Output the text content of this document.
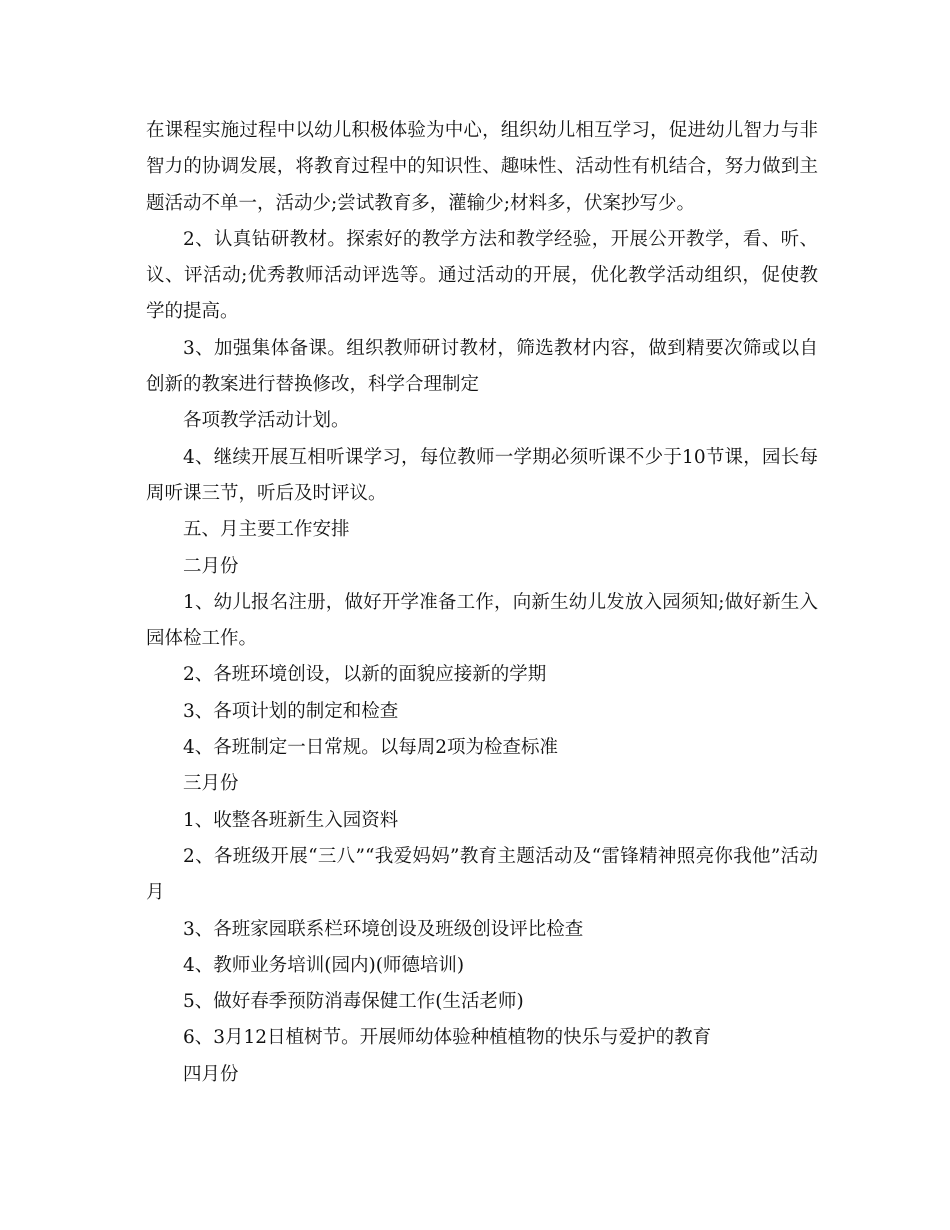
在课程实施过程中以幼儿积极体验为中心，组织幼儿相互学习，促进幼儿智力与非智力的协调发展，将教育过程中的知识性、趣味性、活动性有机结合，努力做到主题活动不单一，活动少;尝试教育多，灌输少;材料多，伏案抄写少。

2、认真钻研教材。探索好的教学方法和教学经验，开展公开教学，看、听、议、评活动;优秀教师活动评选等。通过活动的开展，优化教学活动组织，促使教学的提高。

3、加强集体备课。组织教师研讨教材，筛选教材内容，做到精要次筛或以自创新的教案进行替换修改，科学合理制定

各项教学活动计划。

4、继续开展互相听课学习，每位教师一学期必须听课不少于10节课，园长每周听课三节，听后及时评议。

五、月主要工作安排

二月份

1、幼儿报名注册，做好开学准备工作，向新生幼儿发放入园须知;做好新生入园体检工作。

2、各班环境创设，以新的面貌应接新的学期

3、各项计划的制定和检查

4、各班制定一日常规。以每周2项为检查标准

三月份

1、收整各班新生入园资料

2、各班级开展“三八”“我爱妈妈”教育主题活动及“雷锋精神照亮你我他”活动月

3、各班家园联系栏环境创设及班级创设评比检查

4、教师业务培训(园内)(师德培训)

5、做好春季预防消毒保健工作(生活老师)

6、3月12日植树节。开展师幼体验种植植物的快乐与爱护的教育

四月份
